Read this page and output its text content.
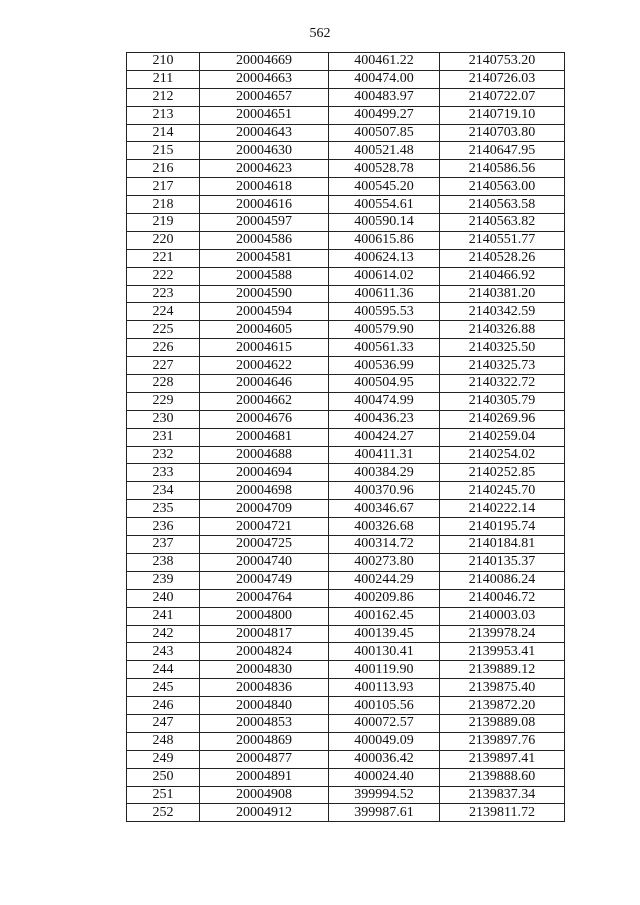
562
210	20004669	400461.22	2140753.20
211	20004663	400474.00	2140726.03
212	20004657	400483.97	2140722.07
213	20004651	400499.27	2140719.10
214	20004643	400507.85	2140703.80
215	20004630	400521.48	2140647.95
216	20004623	400528.78	2140586.56
217	20004618	400545.20	2140563.00
218	20004616	400554.61	2140563.58
219	20004597	400590.14	2140563.82
220	20004586	400615.86	2140551.77
221	20004581	400624.13	2140528.26
222	20004588	400614.02	2140466.92
223	20004590	400611.36	2140381.20
224	20004594	400595.53	2140342.59
225	20004605	400579.90	2140326.88
226	20004615	400561.33	2140325.50
227	20004622	400536.99	2140325.73
228	20004646	400504.95	2140322.72
229	20004662	400474.99	2140305.79
230	20004676	400436.23	2140269.96
231	20004681	400424.27	2140259.04
232	20004688	400411.31	2140254.02
233	20004694	400384.29	2140252.85
234	20004698	400370.96	2140245.70
235	20004709	400346.67	2140222.14
236	20004721	400326.68	2140195.74
237	20004725	400314.72	2140184.81
238	20004740	400273.80	2140135.37
239	20004749	400244.29	2140086.24
240	20004764	400209.86	2140046.72
241	20004800	400162.45	2140003.03
242	20004817	400139.45	2139978.24
243	20004824	400130.41	2139953.41
244	20004830	400119.90	2139889.12
245	20004836	400113.93	2139875.40
246	20004840	400105.56	2139872.20
247	20004853	400072.57	2139889.08
248	20004869	400049.09	2139897.76
249	20004877	400036.42	2139897.41
250	20004891	400024.40	2139888.60
251	20004908	399994.52	2139837.34
252	20004912	399987.61	2139811.72
